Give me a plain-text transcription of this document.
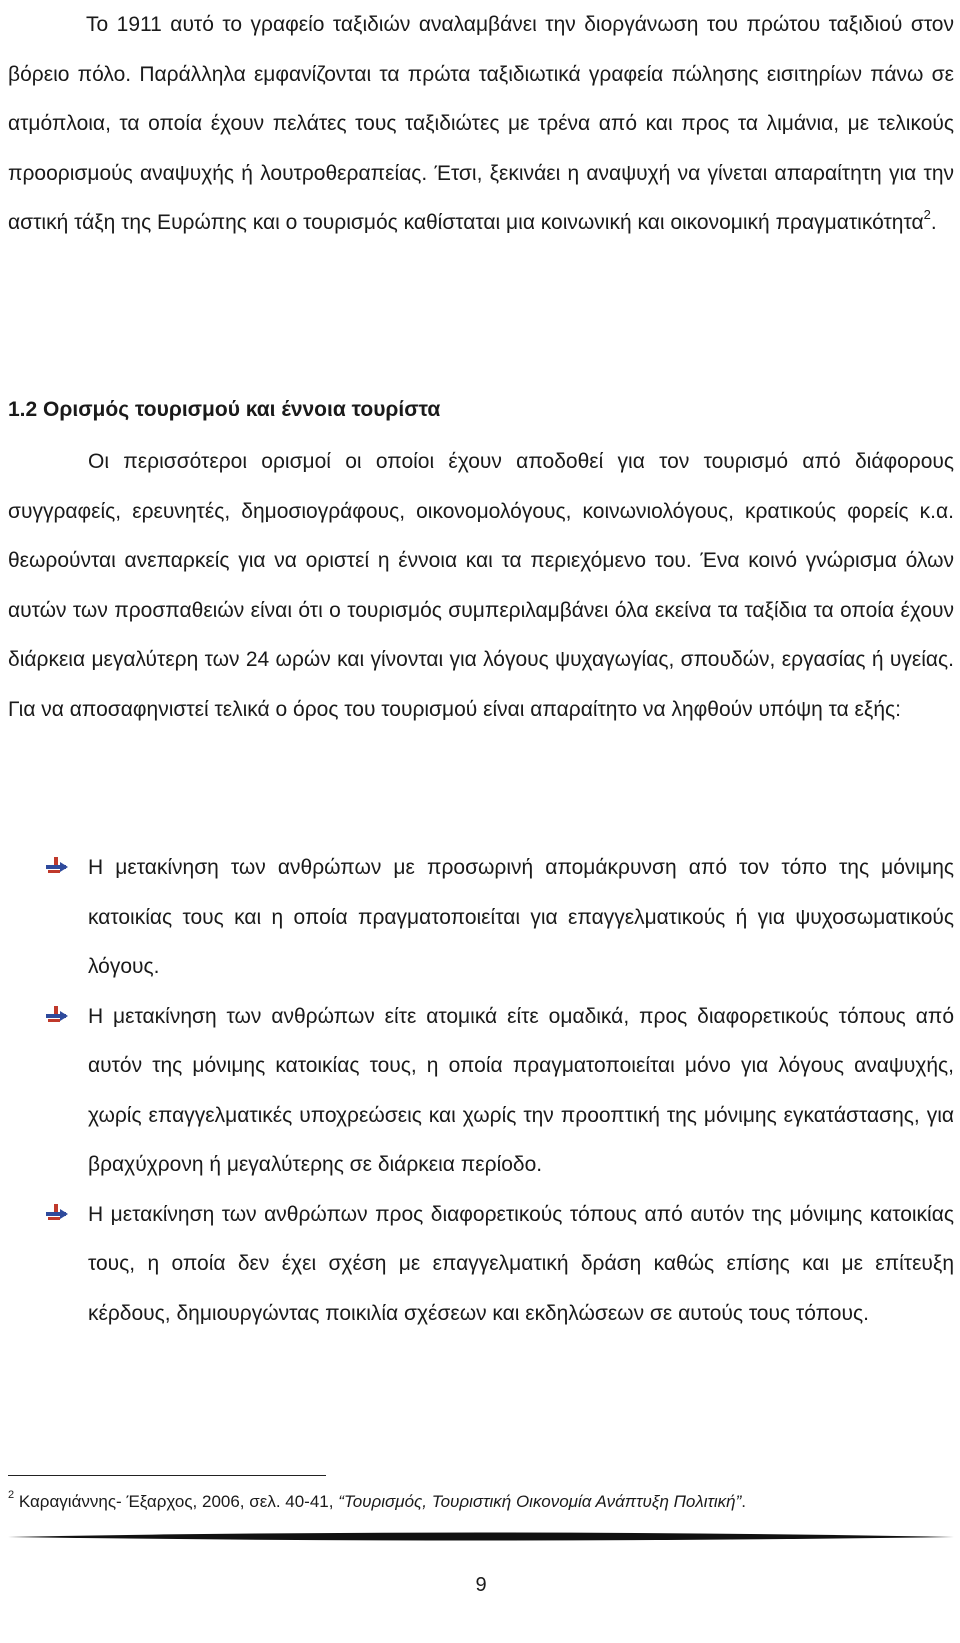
Το 1911 αυτό το γραφείο ταξιδιών αναλαμβάνει την διοργάνωση του πρώτου ταξιδιού στον βόρειο πόλο. Παράλληλα εμφανίζονται τα πρώτα ταξιδιωτικά γραφεία πώλησης εισιτηρίων πάνω σε ατμόπλοια, τα οποία έχουν πελάτες τους ταξιδιώτες με τρένα από και προς τα λιμάνια, με τελικούς προορισμούς αναψυχής ή λουτροθεραπείας. Έτσι, ξεκινάει η αναψυχή να γίνεται απαραίτητη για την αστική τάξη της Ευρώπης και ο τουρισμός καθίσταται μια κοινωνική και οικονομική πραγματικότητα$^2$.

1.2 Ορισμός τουρισμού και έννοια τουρίστα

Οι περισσότεροι ορισμοί οι οποίοι έχουν αποδοθεί για τον τουρισμό από διάφορους συγγραφείς, ερευνητές, δημοσιογράφους, οικονομολόγους, κοινωνιολόγους, κρατικούς φορείς κ.α. θεωρούνται ανεπαρκείς για να οριστεί η έννοια και τα περιεχόμενο του. Ένα κοινό γνώρισμα όλων αυτών των προσπαθειών είναι ότι ο τουρισμός συμπεριλαμβάνει όλα εκείνα τα ταξίδια τα οποία έχουν διάρκεια μεγαλύτερη των 24 ωρών και γίνονται για λόγους ψυχαγωγίας, σπουδών, εργασίας ή υγείας. Για να αποσαφηνιστεί τελικά ο όρος του τουρισμού είναι απαραίτητο να ληφθούν υπόψη τα εξής:

Η μετακίνηση των ανθρώπων με προσωρινή απομάκρυνση από τον τόπο της μόνιμης κατοικίας τους και η οποία πραγματοποιείται για επαγγελματικούς ή για ψυχοσωματικούς λόγους.
Η μετακίνηση των ανθρώπων είτε ατομικά είτε ομαδικά, προς διαφορετικούς τόπους από αυτόν της μόνιμης κατοικίας τους, η οποία πραγματοποιείται μόνο για λόγους αναψυχής, χωρίς επαγγελματικές υποχρεώσεις και χωρίς την προοπτική της μόνιμης εγκατάστασης, για βραχύχρονη ή μεγαλύτερης σε διάρκεια περίοδο.
Η μετακίνηση των ανθρώπων προς διαφορετικούς τόπους από αυτόν της μόνιμης κατοικίας τους, η οποία δεν έχει σχέση με επαγγελματική δράση καθώς επίσης και με επίτευξη κέρδους, δημιουργώντας ποικιλία σχέσεων και εκδηλώσεων σε αυτούς τους τόπους.

$^2$ Καραγιάννης- Έξαρχος, 2006, σελ. 40-41, “Τουρισμός, Τουριστική Οικονομία Ανάπτυξη Πολιτική”.

9
